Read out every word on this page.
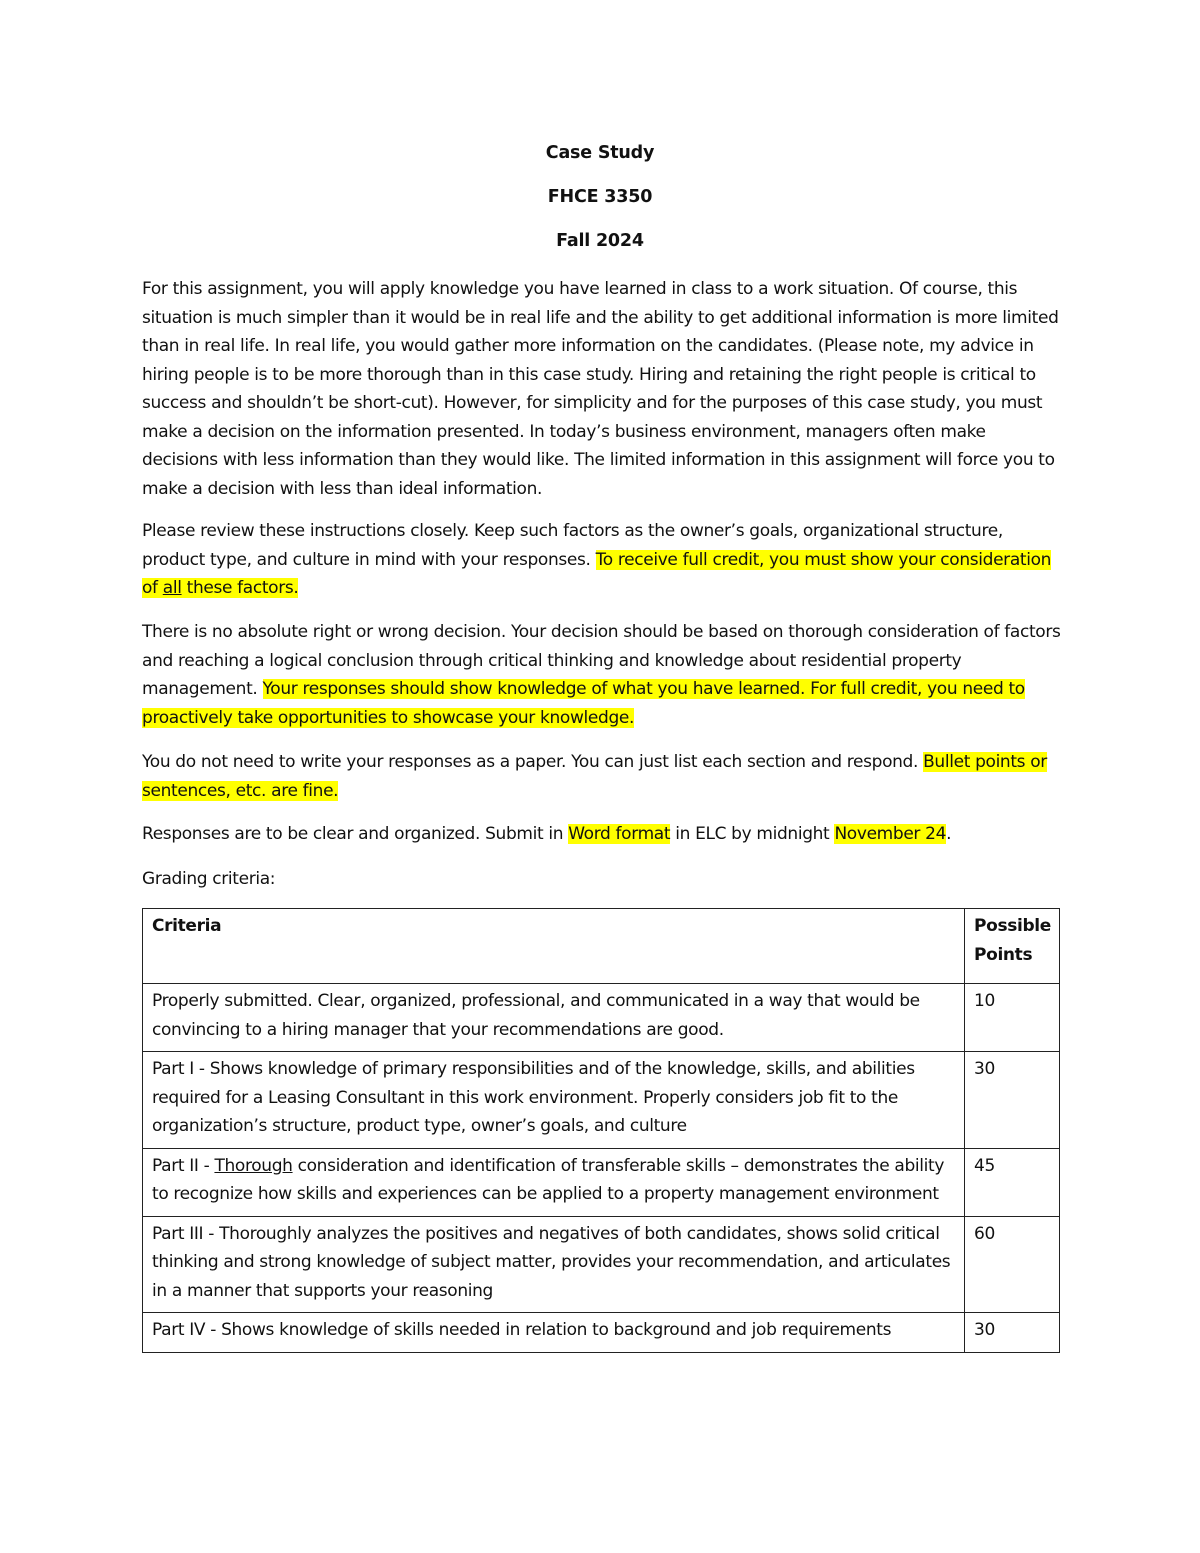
Case Study
FHCE 3350
Fall 2024
For this assignment, you will apply knowledge you have learned in class to a work situation. Of course, this situation is much simpler than it would be in real life and the ability to get additional information is more limited than in real life. In real life, you would gather more information on the candidates. (Please note, my advice in hiring people is to be more thorough than in this case study. Hiring and retaining the right people is critical to success and shouldn’t be short-cut). However, for simplicity and for the purposes of this case study, you must make a decision on the information presented. In today’s business environment, managers often make decisions with less information than they would like. The limited information in this assignment will force you to make a decision with less than ideal information.
Please review these instructions closely. Keep such factors as the owner’s goals, organizational structure, product type, and culture in mind with your responses. To receive full credit, you must show your consideration of all these factors.
There is no absolute right or wrong decision. Your decision should be based on thorough consideration of factors and reaching a logical conclusion through critical thinking and knowledge about residential property management. Your responses should show knowledge of what you have learned. For full credit, you need to proactively take opportunities to showcase your knowledge.
You do not need to write your responses as a paper. You can just list each section and respond. Bullet points or sentences, etc. are fine.
Responses are to be clear and organized. Submit in Word format in ELC by midnight November 24.
Grading criteria:
Criteria	Possible Points
Properly submitted. Clear, organized, professional, and communicated in a way that would be convincing to a hiring manager that your recommendations are good.	10
Part I - Shows knowledge of primary responsibilities and of the knowledge, skills, and abilities required for a Leasing Consultant in this work environment. Properly considers job fit to the organization’s structure, product type, owner’s goals, and culture	30
Part II - Thorough consideration and identification of transferable skills – demonstrates the ability to recognize how skills and experiences can be applied to a property management environment	45
Part III - Thoroughly analyzes the positives and negatives of both candidates, shows solid critical thinking and strong knowledge of subject matter, provides your recommendation, and articulates in a manner that supports your reasoning	60
Part IV - Shows knowledge of skills needed in relation to background and job requirements	30
